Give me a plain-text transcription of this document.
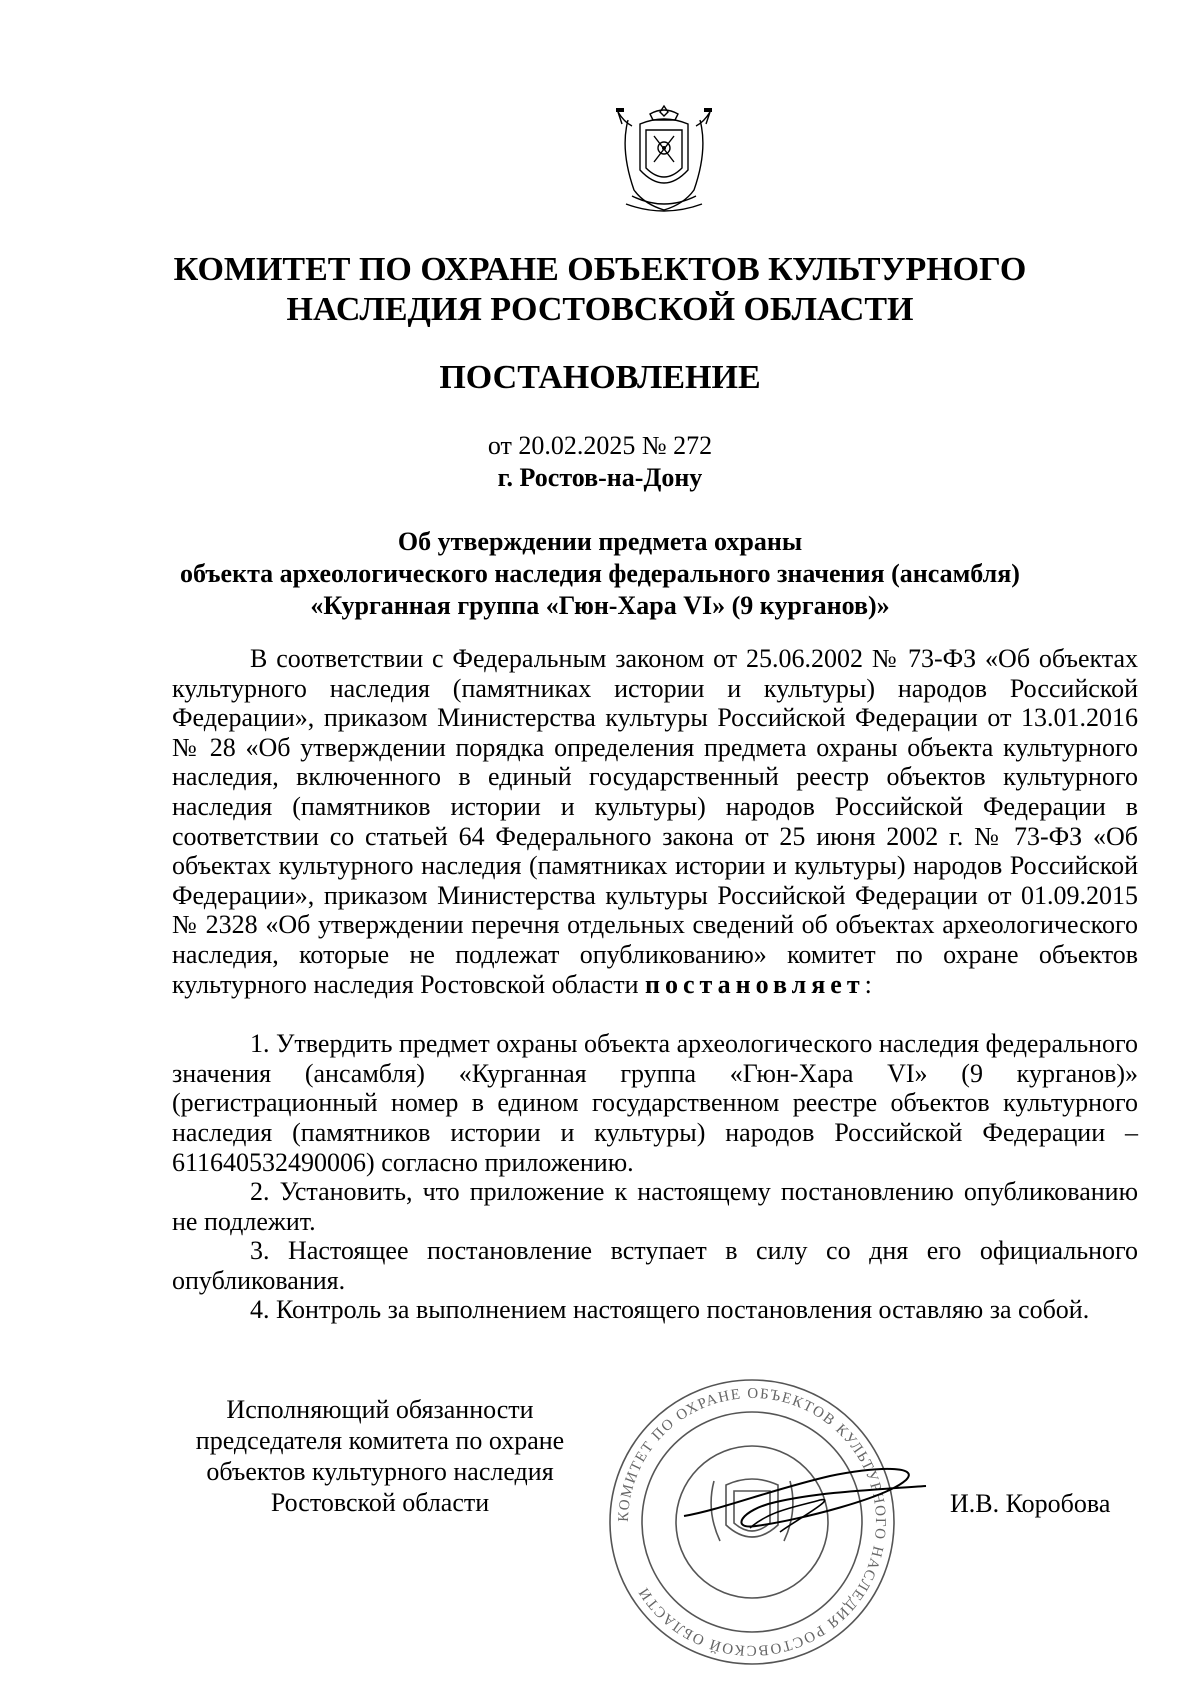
КОМИТЕТ ПО ОХРАНЕ ОБЪЕКТОВ КУЛЬТУРНОГО
НАСЛЕДИЯ РОСТОВСКОЙ ОБЛАСТИ
ПОСТАНОВЛЕНИЕ
от 20.02.2025 № 272
г. Ростов-на-Дону
Об утверждении предмета охраны
объекта археологического наследия федерального значения (ансамбля)
«Курганная группа «Гюн-Хара VI» (9 курганов)»

В соответствии с Федеральным законом от 25.06.2002 № 73-ФЗ «Об объектах культурного наследия (памятниках истории и культуры) народов Российской Федерации», приказом Министерства культуры Российской Федерации от 13.01.2016 № 28 «Об утверждении порядка определения предмета охраны объекта культурного наследия, включенного в единый государственный реестр объектов культурного наследия (памятников истории и культуры) народов Российской Федерации в соответствии со статьей 64 Федерального закона от 25 июня 2002 г. № 73-ФЗ «Об объектах культурного наследия (памятниках истории и культуры) народов Российской Федерации», приказом Министерства культуры Российской Федерации от 01.09.2015 № 2328 «Об утверждении перечня отдельных сведений об объектах археологического наследия, которые не подлежат опубликованию» комитет по охране объектов культурного наследия Ростовской области постановляет:

1. Утвердить предмет охраны объекта археологического наследия федерального значения (ансамбля) «Курганная группа «Гюн-Хара VI» (9 курганов)» (регистрационный номер в едином государственном реестре объектов культурного наследия (памятников истории и культуры) народов Российской Федерации – 611640532490006) согласно приложению.

2. Установить, что приложение к настоящему постановлению опубликованию не подлежит.

3. Настоящее постановление вступает в силу со дня его официального опубликования.

4. Контроль за выполнением настоящего постановления оставляю за собой.

Исполняющий обязанности
председателя комитета по охране
объектов культурного наследия
Ростовской области	КОМИТЕТ ПО ОХРАНЕ ОБЪЕКТОВ КУЛЬТУРНОГО НАСЛЕДИЯ РОСТОВСКОЙ ОБЛАСТИ
И.В. Коробова
